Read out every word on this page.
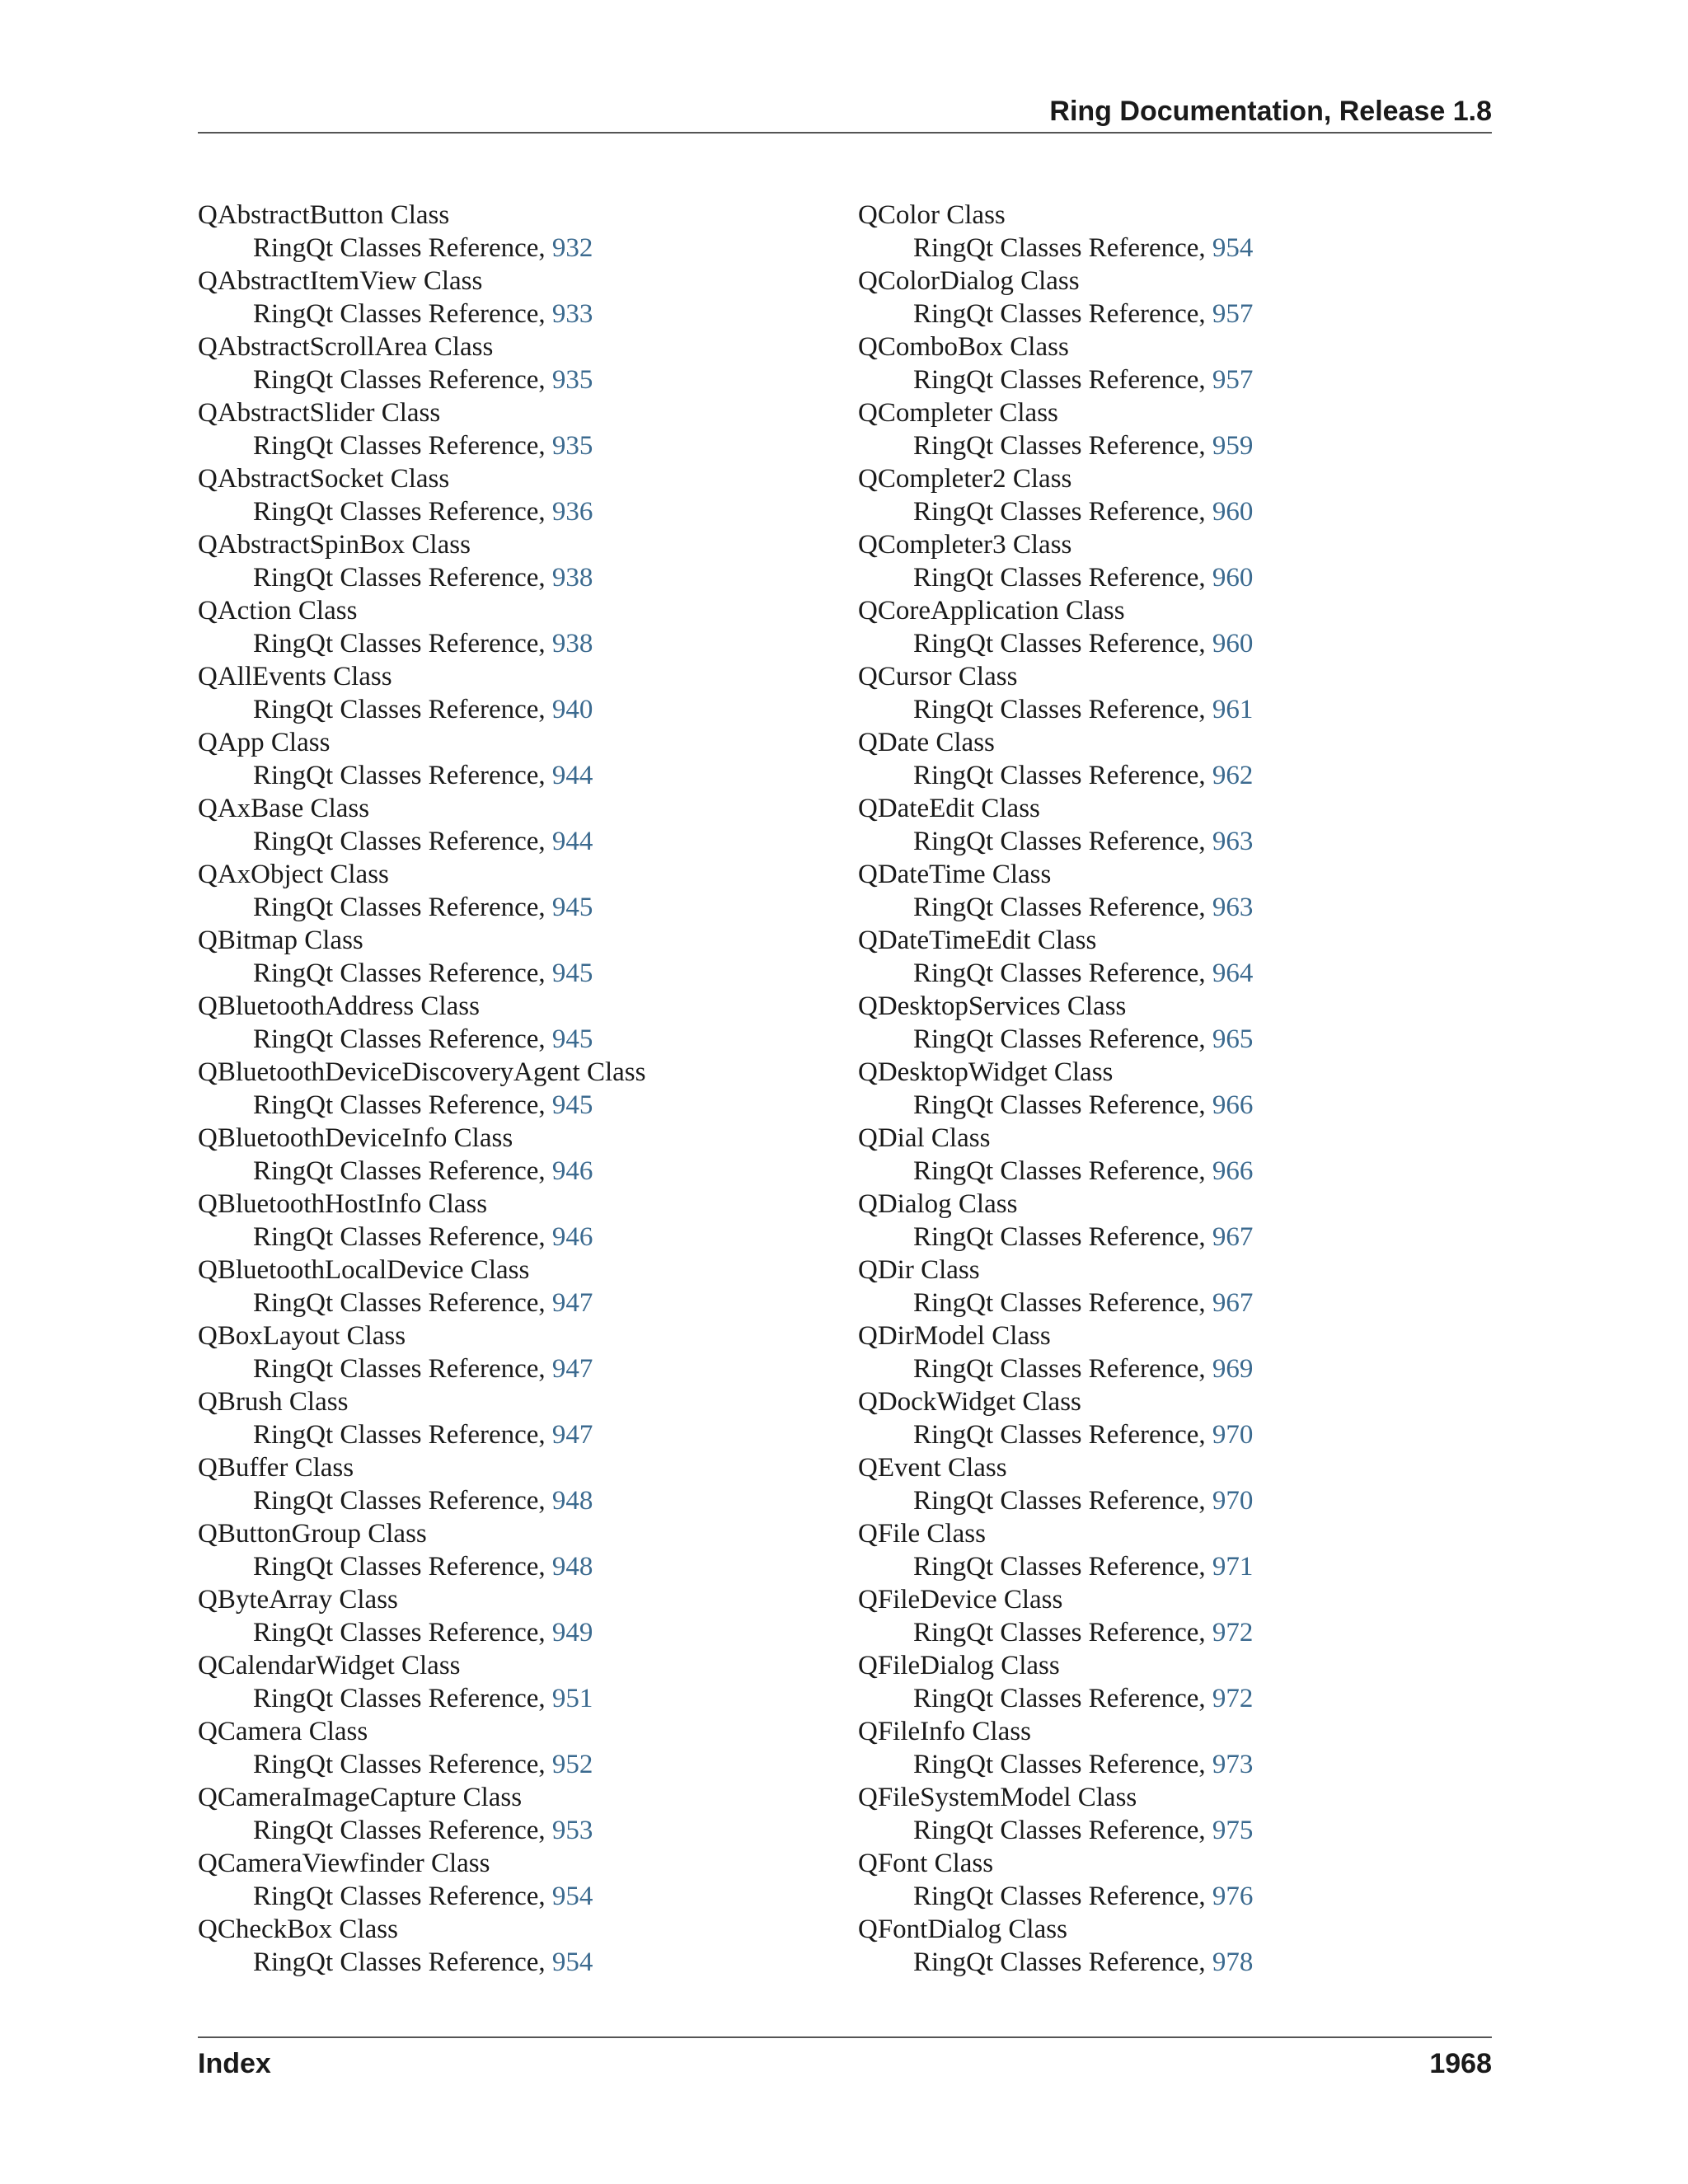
Ring Documentation, Release 1.8
QAbstractButton Class
RingQt Classes Reference, 932
QAbstractItemView Class
RingQt Classes Reference, 933
QAbstractScrollArea Class
RingQt Classes Reference, 935
QAbstractSlider Class
RingQt Classes Reference, 935
QAbstractSocket Class
RingQt Classes Reference, 936
QAbstractSpinBox Class
RingQt Classes Reference, 938
QAction Class
RingQt Classes Reference, 938
QAllEvents Class
RingQt Classes Reference, 940
QApp Class
RingQt Classes Reference, 944
QAxBase Class
RingQt Classes Reference, 944
QAxObject Class
RingQt Classes Reference, 945
QBitmap Class
RingQt Classes Reference, 945
QBluetoothAddress Class
RingQt Classes Reference, 945
QBluetoothDeviceDiscoveryAgent Class
RingQt Classes Reference, 945
QBluetoothDeviceInfo Class
RingQt Classes Reference, 946
QBluetoothHostInfo Class
RingQt Classes Reference, 946
QBluetoothLocalDevice Class
RingQt Classes Reference, 947
QBoxLayout Class
RingQt Classes Reference, 947
QBrush Class
RingQt Classes Reference, 947
QBuffer Class
RingQt Classes Reference, 948
QButtonGroup Class
RingQt Classes Reference, 948
QByteArray Class
RingQt Classes Reference, 949
QCalendarWidget Class
RingQt Classes Reference, 951
QCamera Class
RingQt Classes Reference, 952
QCameraImageCapture Class
RingQt Classes Reference, 953
QCameraViewfinder Class
RingQt Classes Reference, 954
QCheckBox Class
RingQt Classes Reference, 954
QColor Class
RingQt Classes Reference, 954
QColorDialog Class
RingQt Classes Reference, 957
QComboBox Class
RingQt Classes Reference, 957
QCompleter Class
RingQt Classes Reference, 959
QCompleter2 Class
RingQt Classes Reference, 960
QCompleter3 Class
RingQt Classes Reference, 960
QCoreApplication Class
RingQt Classes Reference, 960
QCursor Class
RingQt Classes Reference, 961
QDate Class
RingQt Classes Reference, 962
QDateEdit Class
RingQt Classes Reference, 963
QDateTime Class
RingQt Classes Reference, 963
QDateTimeEdit Class
RingQt Classes Reference, 964
QDesktopServices Class
RingQt Classes Reference, 965
QDesktopWidget Class
RingQt Classes Reference, 966
QDial Class
RingQt Classes Reference, 966
QDialog Class
RingQt Classes Reference, 967
QDir Class
RingQt Classes Reference, 967
QDirModel Class
RingQt Classes Reference, 969
QDockWidget Class
RingQt Classes Reference, 970
QEvent Class
RingQt Classes Reference, 970
QFile Class
RingQt Classes Reference, 971
QFileDevice Class
RingQt Classes Reference, 972
QFileDialog Class
RingQt Classes Reference, 972
QFileInfo Class
RingQt Classes Reference, 973
QFileSystemModel Class
RingQt Classes Reference, 975
QFont Class
RingQt Classes Reference, 976
QFontDialog Class
RingQt Classes Reference, 978
Index	1968
